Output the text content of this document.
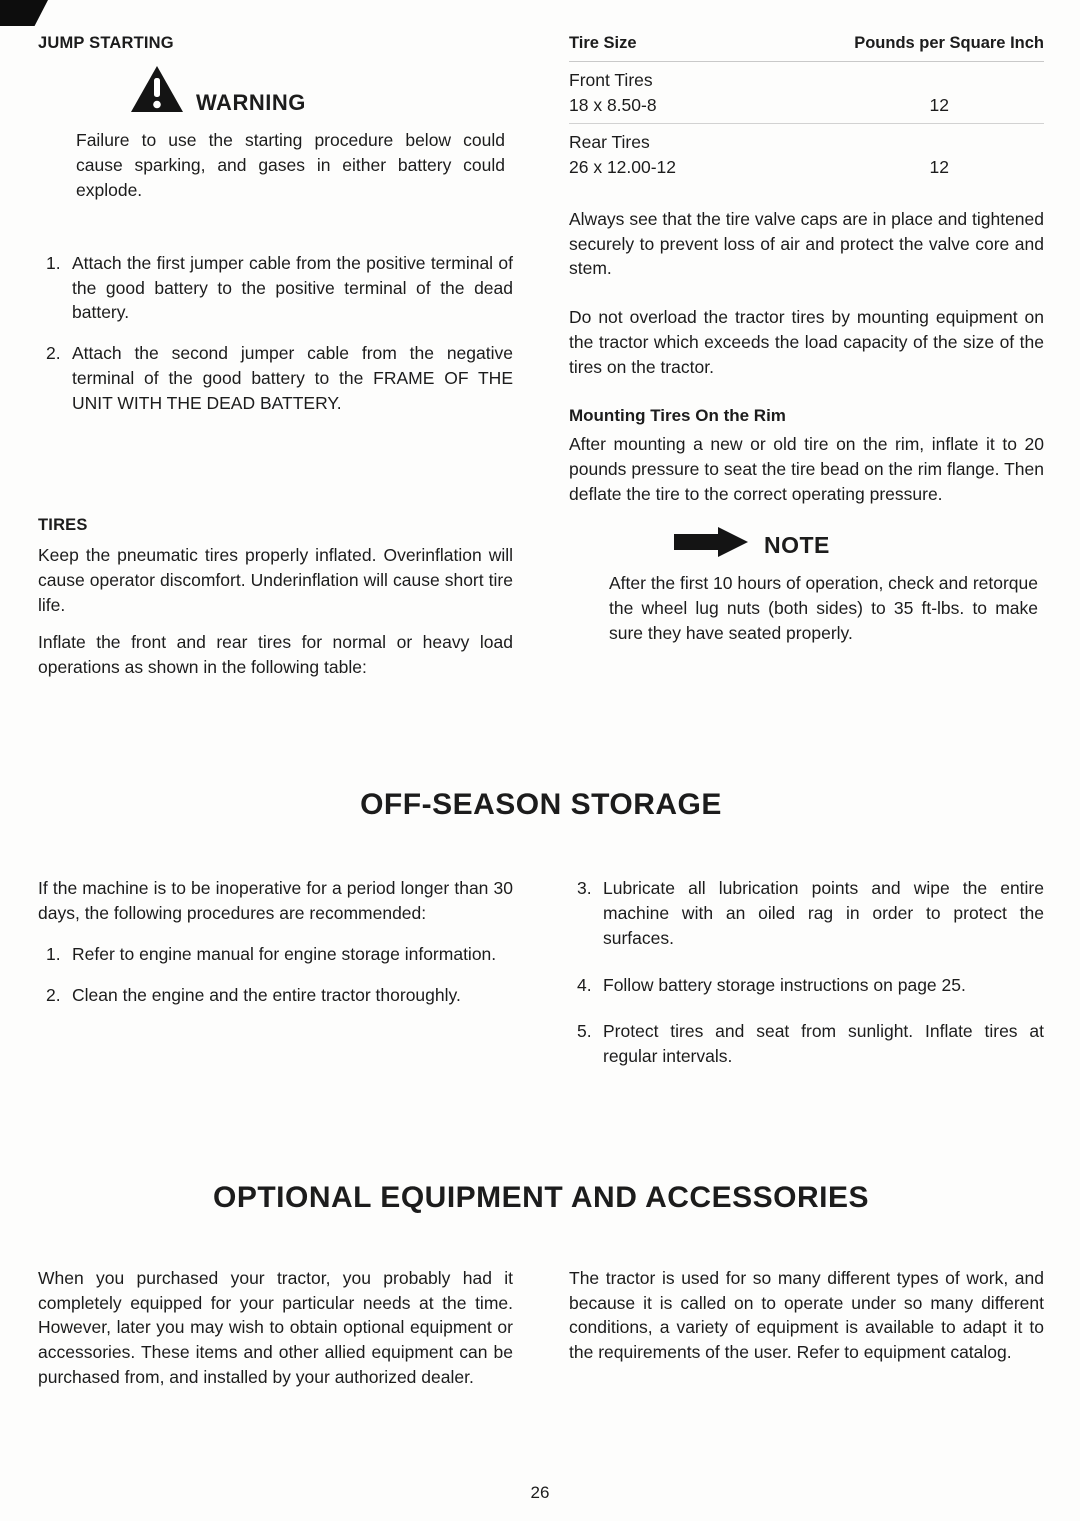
JUMP STARTING
WARNING

Failure to use the starting procedure below could cause sparking, and gases in either battery could explode.

1. Attach the first jumper cable from the positive terminal of the good battery to the positive terminal of the dead battery.
2. Attach the second jumper cable from the negative terminal of the good battery to the FRAME OF THE UNIT WITH THE DEAD BATTERY.
TIRES

Keep the pneumatic tires properly inflated. Overinflation will cause operator discomfort. Underinflation will cause short tire life.

Inflate the front and rear tires for normal or heavy load operations as shown in the following table:

Tire Size	Pounds per Square Inch
Front Tires
18 x 8.50-8	12
Rear Tires
26 x 12.00-12	12

Always see that the tire valve caps are in place and tightened securely to prevent loss of air and protect the valve core and stem.

Do not overload the tractor tires by mounting equipment on the tractor which exceeds the load capacity of the size of the tires on the tractor.

Mounting Tires On the Rim

After mounting a new or old tire on the rim, inflate it to 20 pounds pressure to seat the tire bead on the rim flange. Then deflate the tire to the correct operating pressure.

NOTE

After the first 10 hours of operation, check and retorque the wheel lug nuts (both sides) to 35 ft-lbs. to make sure they have seated properly.

OFF-SEASON STORAGE

If the machine is to be inoperative for a period longer than 30 days, the following procedures are recommended:

1. Refer to engine manual for engine storage information.
2. Clean the engine and the entire tractor thoroughly.
3. Lubricate all lubrication points and wipe the entire machine with an oiled rag in order to protect the surfaces.
4. Follow battery storage instructions on page 25.
5. Protect tires and seat from sunlight. Inflate tires at regular intervals.
OPTIONAL EQUIPMENT AND ACCESSORIES

When you purchased your tractor, you probably had it completely equipped for your particular needs at the time. However, later you may wish to obtain optional equipment or accessories. These items and other allied equipment can be purchased from, and installed by your authorized dealer.

The tractor is used for so many different types of work, and because it is called on to operate under so many different conditions, a variety of equipment is available to adapt it to the requirements of the user. Refer to equipment catalog.

26
